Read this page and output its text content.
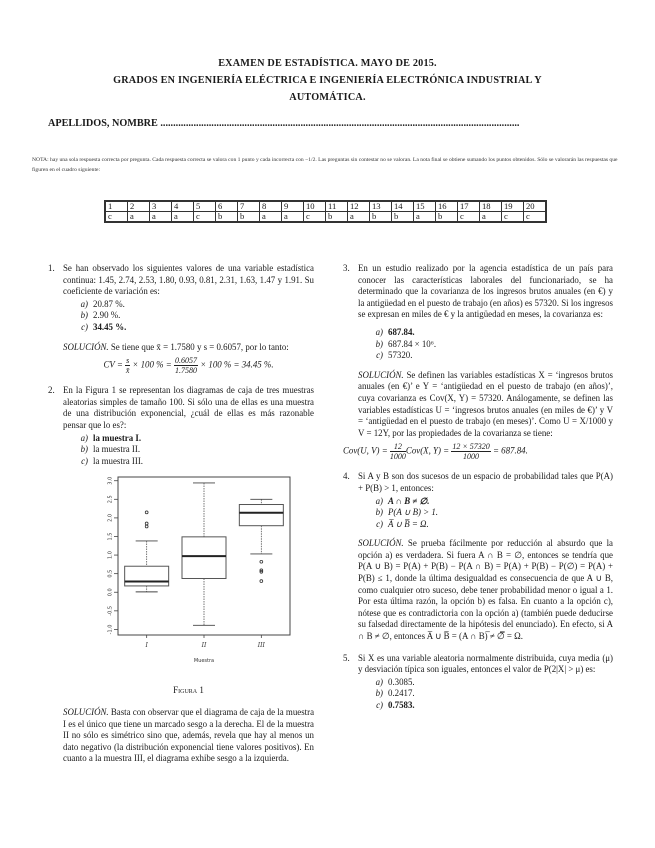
EXAMEN DE ESTADÍSTICA. MAYO DE 2015.
GRADOS EN INGENIERÍA ELÉCTRICA E INGENIERÍA ELECTRÓNICA INDUSTRIAL Y
AUTOMÁTICA.
APELLIDOS, NOMBRE .............................................................................................................................................
NOTA: hay una sola respuesta correcta por pregunta. Cada respuesta correcta se valora con 1 punto y cada incorrecta con −1/2. Las preguntas sin contestar no se valoran. La nota final se obtiene sumando los puntos obtenidos. Sólo se valorarán las respuestas que figuren en el cuadro siguiente:
1	2	3	4	5	6	7	8	9	10	11	12	13	14	15	16	17	18	19	20
c	a	a	a	c	b	b	a	a	c	b	a	b	b	a	b	c	a	c	c
1. Se han observado los siguientes valores de una variable estadística continua: 1.45, 2.74, 2.53, 1.80, 0.93, 0.81, 2.31, 1.63, 1.47 y 1.91. Su coeficiente de variación es:
a) 20.87 %.
b) 2.90 %.
c) 34.45 %.
SOLUCIÓN. Se tiene que x̄ = 1.7580 y s = 0.6057, por lo tanto:
CV = $\frac{s}{x̄} \times 100$ % = $\frac{0.6057}{1.7580} \times 100$ % = 34.45 %.
2. En la Figura 1 se representan los diagramas de caja de tres muestras aleatorias simples de tamaño 100. Si sólo una de ellas es una muestra de una distribución exponencial, ¿cuál de ellas es más razonable pensar que lo es?:
a) la muestra I.
b) la muestra II.
c) la muestra III.
-1.0
-0.5
0.0
0.5
1.0
1.5
2.0
2.5
3.0
I	II	III
Muestra
Figura 1
SOLUCIÓN. Basta con observar que el diagrama de caja de la muestra I es el único que tiene un marcado sesgo a la derecha. El de la muestra II no sólo es simétrico sino que, además, revela que hay al menos un dato negativo (la distribución exponencial tiene valores positivos). En cuanto a la muestra III, el diagrama exhibe sesgo a la izquierda.
3. En un estudio realizado por la agencia estadística de un país para conocer las características laborales del funcionariado, se ha determinado que la covarianza de los ingresos brutos anuales (en €) y la antigüedad en el puesto de trabajo (en años) es 57320. Si los ingresos se expresan en miles de € y la antigüedad en meses, la covarianza es:
a) 687.84.
b) 687.84 × 10⁶.
c) 57320.
SOLUCIÓN. Se definen las variables estadísticas X = ‘ingresos brutos anuales (en €)’ e Y = ‘antigüedad en el puesto de trabajo (en años)’, cuya covarianza es Cov(X, Y) = 57320. Análogamente, se definen las variables estadísticas U = ‘ingresos brutos anuales (en miles de €)’ y V = ‘antigüedad en el puesto de trabajo (en meses)’. Como U = X/1000 y V = 12Y, por las propiedades de la covarianza se tiene:
Cov(U, $V) = \frac{12}{1000} Cov(X$, $Y) = \frac{12 \times 57320}{1000} = 687.84$.
4. Si A y B son dos sucesos de un espacio de probabilidad tales que P(A) + P(B) > 1, entonces:
a) A ∩ B ≠ ∅.
b) P(A ∪ B) > 1.
c) A̅ ∪ B̅ = Ω.
SOLUCIÓN. Se prueba fácilmente por reducción al absurdo que la opción a) es verdadera. Si fuera A ∩ B = ∅, entonces se tendría que P(A ∪ B) = P(A) + P(B) − P(A ∩ B) = P(A) + P(B) − P(∅) = P(A) + P(B) ≤ 1, donde la última desigualdad es consecuencia de que A ∪ B, como cualquier otro suceso, debe tener probabilidad menor o igual a 1. Por esta última razón, la opción b) es falsa. En cuanto a la opción c), nótese que es contradictoria con la opción a) (también puede deducirse su falsedad directamente de la hipótesis del enunciado). En efecto, si A ∩ B ≠ ∅, entonces A̅ ∪ B̅ = (A ∩ B)̅ ≠ ∅̅ = Ω.
5. Si X es una variable aleatoria normalmente distribuida, cuya media (μ) y desviación típica son iguales, entonces el valor de P(2|X| > μ) es:
a) 0.3085.
b) 0.2417.
c) 0.7583.
